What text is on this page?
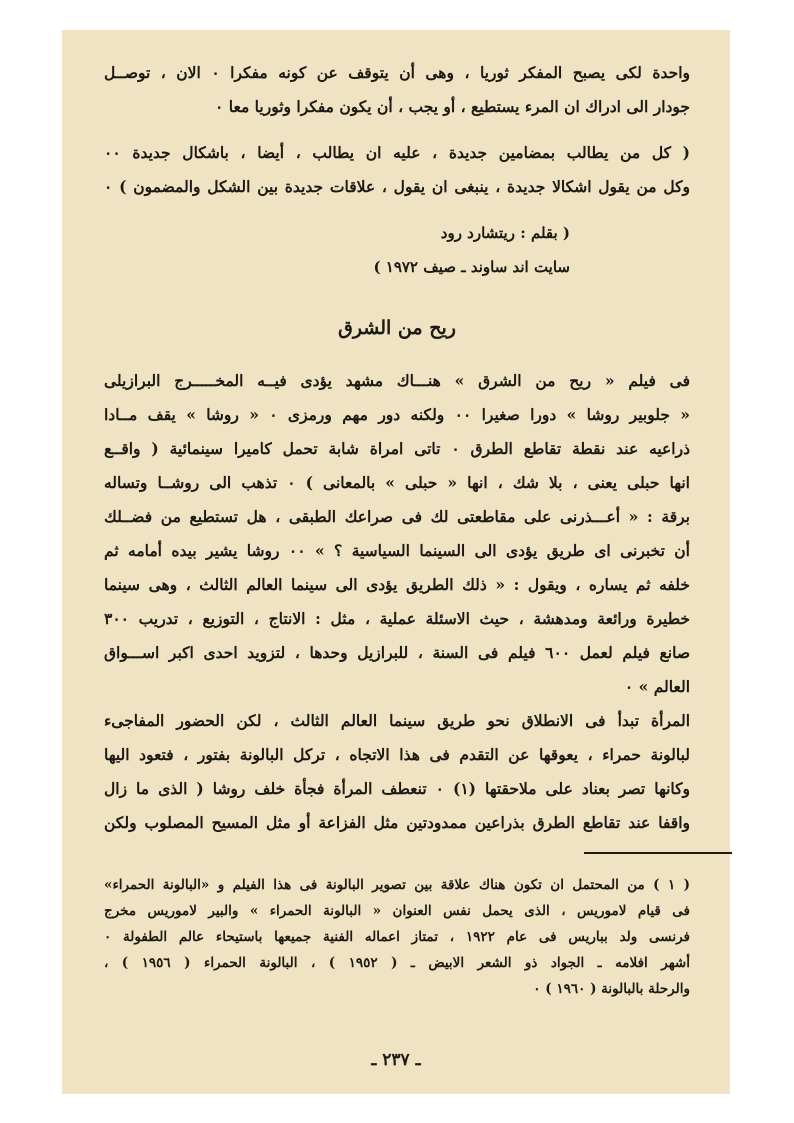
واحدة لكى يصبح المفكر ثوريا ، وهى أن يتوقف عن كونه مفكرا ٠ الان ، توصــل
جودار الى ادراك ان المرء يستطيع ، أو يجب ، أن يكون مفكرا وثوريا معا ٠
( كل من يطالب بمضامين جديدة ، عليه ان يطالب ، أيضا ، باشكال جديدة ٠٠
وكل من يقول اشكالا جديدة ، ينبغى ان يقول ، علاقات جديدة بين الشكل والمضمون ) ٠
( بقلم : ريتشارد رود
سايت اند ساوند ـ صيف ١٩٧٢ )
ريح من الشرق
فى فيلم « ريح من الشرق » هنـــاك مشهد يؤدى فيــه المخـــــرج البرازيلى
« جلوبير روشا » دورا صغيرا ٠٠ ولكنه دور مهم ورمزى ٠ « روشا » يقف مــادا
ذراعيه عند نقطة تقاطع الطرق ٠ تاتى امراة شابة تحمل كاميرا سينمائية ( واقــع
انها حبلى يعنى ، بلا شك ، انها « حبلى » بالمعانى ) ٠ تذهب الى روشــا وتساله
برقة : « أعـــذرنى على مقاطعتى لك فى صراعك الطبقى ، هل تستطيع من فضــلك
أن تخبرنى اى طريق يؤدى الى السينما السياسية ؟ » ٠٠ روشا يشير بيده أمامه ثم
خلفه ثم يساره ، ويقول : « ذلك الطريق يؤدى الى سينما العالم الثالث ، وهى سينما
خطيرة ورائعة ومدهشة ، حيث الاسئلة عملية ، مثل : الانتاج ، التوزيع ، تدريب ٣٠٠
صانع فيلم لعمل ٦٠٠ فيلم فى السنة ، للبرازيل وحدها ، لتزويد احدى اكبر اســـواق
العالم » ٠
المرأة تبدأ فى الانطلاق نحو طريق سينما العالم الثالث ، لكن الحضور المفاجىء
لبالونة حمراء ، يعوقها عن التقدم فى هذا الاتجاه ، تركل البالونة بفتور ، فتعود اليها
وكانها تصر بعناد على ملاحقتها (١) ٠ تنعطف المرأة فجأة خلف روشا ( الذى ما زال
واقفا عند تقاطع الطرق بذراعين ممدودتين مثل الفزاعة أو مثل المسيح المصلوب ولكن
( ١ ) من المحتمل ان تكون هناك علاقة بين تصوير البالونة فى هذا الفيلم و «البالونة الحمراء»
فى قيام لاموريس ، الذى يحمل نفس العنوان « البالونة الحمراء » والبير لاموريس مخرج
فرنسى ولد بباريس فى عام ١٩٢٢ ، تمتاز اعماله الفنية جميعها باستيحاء عالم الطفولة ٠
أشهر افلامه ـ الجواد ذو الشعر الابيض ـ ( ١٩٥٢ ) ، البالونة الحمراء ( ١٩٥٦ ) ،
والرحلة بالبالونة ( ١٩٦٠ ) ٠
ـ ٢٣٧ ـ
